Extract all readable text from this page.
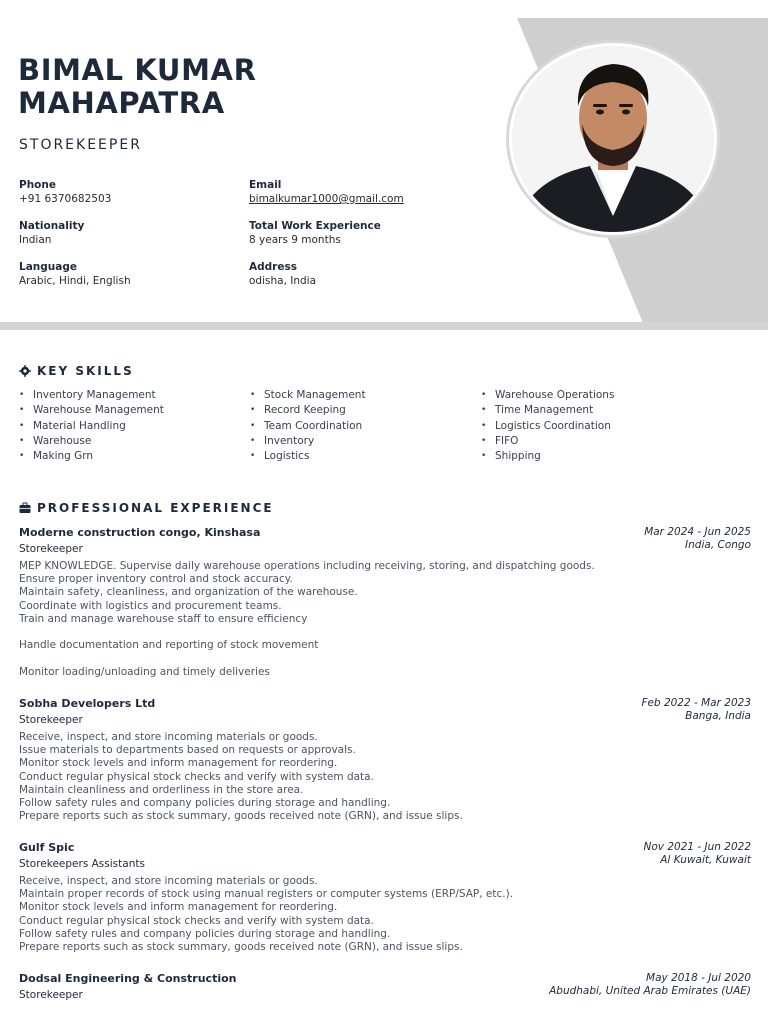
BIMAL KUMAR MAHAPATRA
STOREKEEPER
Phone
+91 6370682503
Email
bimalkumar1000@gmail.com
Nationality
Indian
Total Work Experience
8 years 9 months
Language
Arabic, Hindi, English
Address
odisha, India
KEY SKILLS
• Inventory Management
• Warehouse Management
• Material Handling
• Warehouse
• Making Grn
• Stock Management
• Record Keeping
• Team Coordination
• Inventory
• Logistics
• Warehouse Operations
• Time Management
• Logistics Coordination
• FIFO
• Shipping
PROFESSIONAL EXPERIENCE
Moderne construction congo, Kinshasa	Mar 2024 - Jun 2025
India, Congo
Storekeeper
MEP KNOWLEDGE. Supervise daily warehouse operations including receiving, storing, and dispatching goods.
Ensure proper inventory control and stock accuracy.
Maintain safety, cleanliness, and organization of the warehouse.
Coordinate with logistics and procurement teams.
Train and manage warehouse staff to ensure efficiency
Handle documentation and reporting of stock movement
Monitor loading/unloading and timely deliveries
Sobha Developers Ltd	Feb 2022 - Mar 2023
Banga, India
Storekeeper
Receive, inspect, and store incoming materials or goods.
Issue materials to departments based on requests or approvals.
Monitor stock levels and inform management for reordering.
Conduct regular physical stock checks and verify with system data.
Maintain cleanliness and orderliness in the store area.
Follow safety rules and company policies during storage and handling.
Prepare reports such as stock summary, goods received note (GRN), and issue slips.
Gulf Spic	Nov 2021 - Jun 2022
Al Kuwait, Kuwait
Storekeepers Assistants
Receive, inspect, and store incoming materials or goods.
Maintain proper records of stock using manual registers or computer systems (ERP/SAP, etc.).
Monitor stock levels and inform management for reordering.
Conduct regular physical stock checks and verify with system data.
Follow safety rules and company policies during storage and handling.
Prepare reports such as stock summary, goods received note (GRN), and issue slips.
Dodsal Engineering & Construction	May 2018 - Jul 2020
Abudhabi, United Arab Emirates (UAE)
Storekeeper
